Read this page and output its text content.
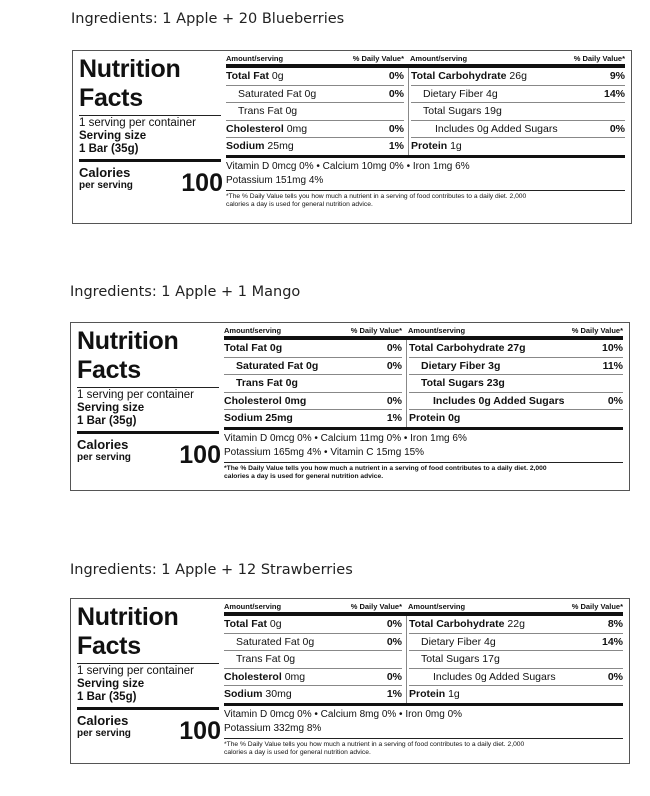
Ingredients: 1 Apple + 20 Blueberries
Nutrition
Facts
1 serving per container
Serving size
1 Bar (35g)
Calories
per serving	100
Amount/serving	% Daily Value* Amount/serving	% Daily Value*
Total Fat 0g	0%
Saturated Fat 0g	0%
Trans Fat 0g
Cholesterol 0mg	0%
Sodium 25mg	1%
Total Carbohydrate 26g	9%
Dietary Fiber 4g	14%
Total Sugars 19g
Includes 0g Added Sugars	0%
Protein 1g
Vitamin D 0mcg 0% • Calcium 10mg 0% • Iron 1mg 6%
Potassium 151mg 4%
*The % Daily Value tells you how much a nutrient in a serving of food contributes to a daily diet. 2,000
calories a day is used for general nutrition advice.
Ingredients: 1 Apple + 1 Mango
Nutrition
Facts
1 serving per container
Serving size
1 Bar (35g)
Calories
per serving	100
Amount/serving	% Daily Value* Amount/serving	% Daily Value*
Total Fat 0g	0%
Saturated Fat 0g	0%
Trans Fat 0g
Cholesterol 0mg	0%
Sodium 25mg	1%
Total Carbohydrate 27g	10%
Dietary Fiber 3g	11%
Total Sugars 23g
Includes 0g Added Sugars	0%
Protein 0g
Vitamin D 0mcg 0% • Calcium 11mg 0% • Iron 1mg 6%
Potassium 165mg 4% • Vitamin C 15mg 15%
*The % Daily Value tells you how much a nutrient in a serving of food contributes to a daily diet. 2,000
calories a day is used for general nutrition advice.
Ingredients: 1 Apple + 12 Strawberries
Nutrition
Facts
1 serving per container
Serving size
1 Bar (35g)
Calories
per serving	100
Amount/serving	% Daily Value* Amount/serving	% Daily Value*
Total Fat 0g	0%
Saturated Fat 0g	0%
Trans Fat 0g
Cholesterol 0mg	0%
Sodium 30mg	1%
Total Carbohydrate 22g	8%
Dietary Fiber 4g	14%
Total Sugars 17g
Includes 0g Added Sugars	0%
Protein 1g
Vitamin D 0mcg 0% • Calcium 8mg 0% • Iron 0mg 0%
Potassium 332mg 8%
*The % Daily Value tells you how much a nutrient in a serving of food contributes to a daily diet. 2,000
calories a day is used for general nutrition advice.
